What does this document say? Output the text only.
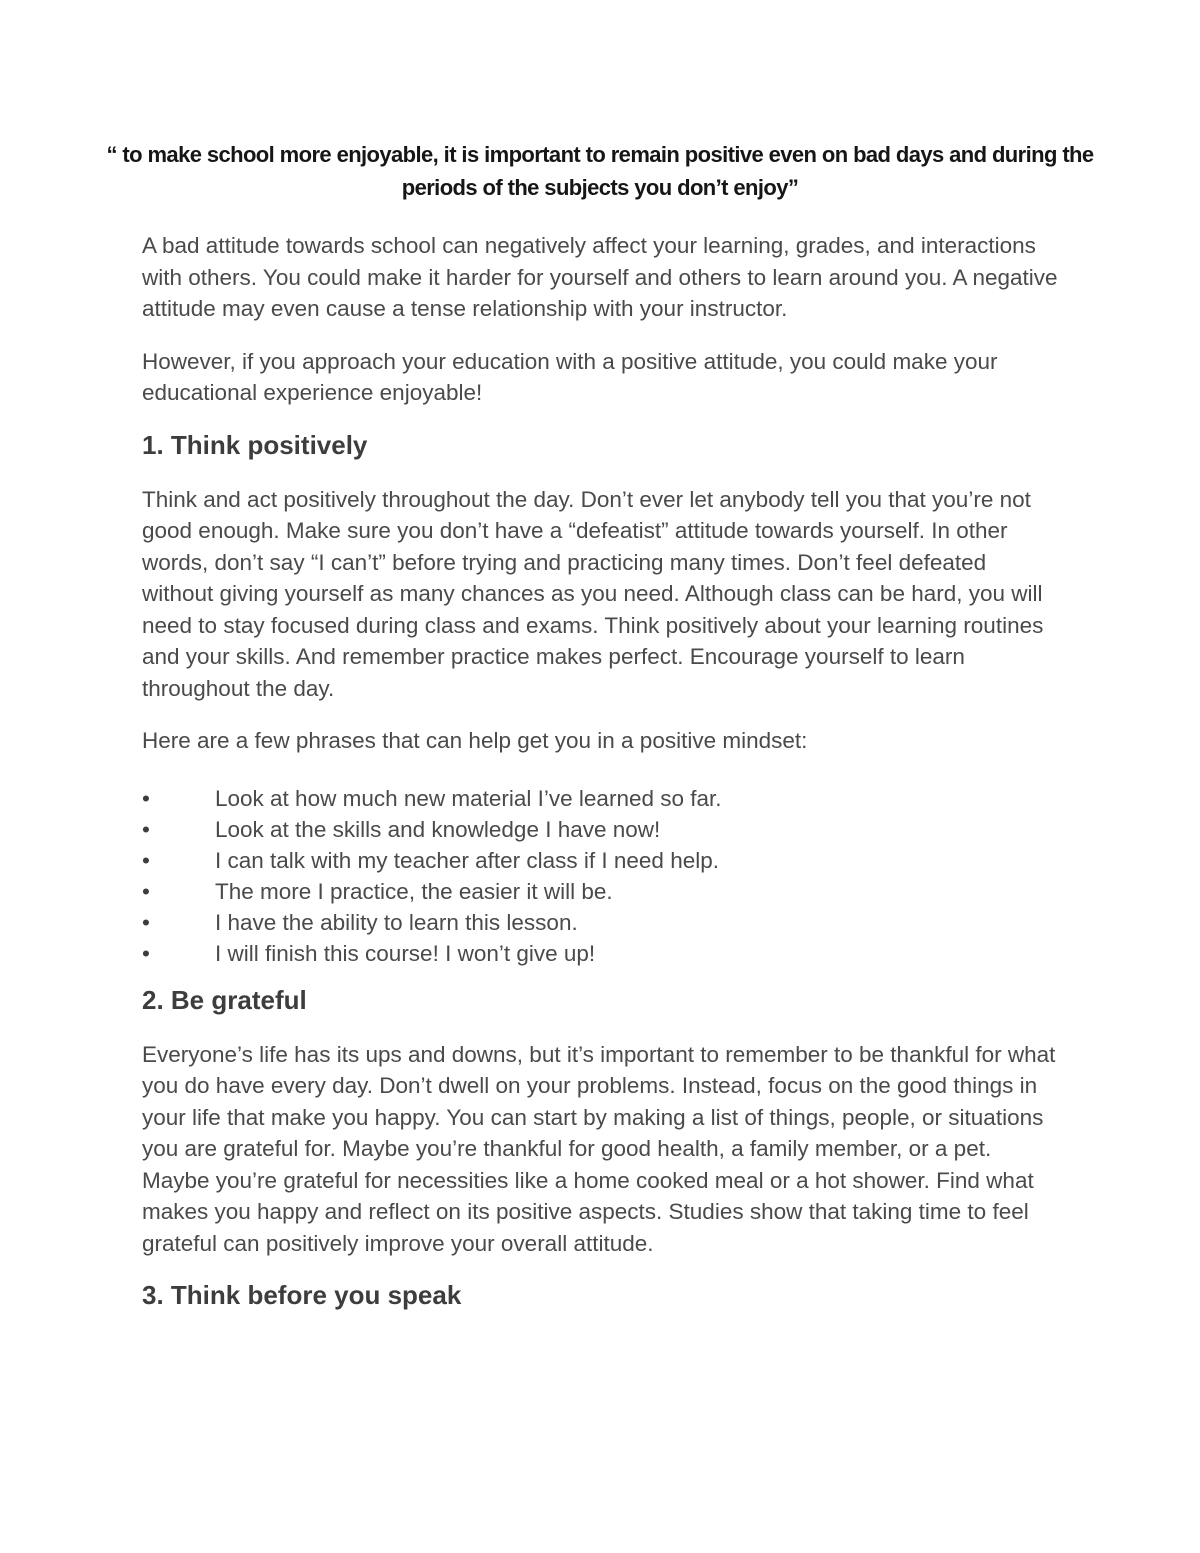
“ to make school more enjoyable, it is important to remain positive even on bad days and during the periods of the subjects you don’t enjoy”

A bad attitude towards school can negatively affect your learning, grades, and interactions with others. You could make it harder for yourself and others to learn around you. A negative attitude may even cause a tense relationship with your instructor.

However, if you approach your education with a positive attitude, you could make your educational experience enjoyable!

1. Think positively

Think and act positively throughout the day. Don’t ever let anybody tell you that you’re not good enough. Make sure you don’t have a “defeatist” attitude towards yourself. In other words, don’t say “I can’t” before trying and practicing many times. Don’t feel defeated without giving yourself as many chances as you need. Although class can be hard, you will need to stay focused during class and exams. Think positively about your learning routines and your skills. And remember practice makes perfect. Encourage yourself to learn throughout the day.

Here are a few phrases that can help get you in a positive mindset:

•	Look at how much new material I’ve learned so far.
•	Look at the skills and knowledge I have now!
•	I can talk with my teacher after class if I need help.
•	The more I practice, the easier it will be.
•	I have the ability to learn this lesson.
•	I will finish this course! I won’t give up!
2. Be grateful

Everyone’s life has its ups and downs, but it’s important to remember to be thankful for what you do have every day. Don’t dwell on your problems. Instead, focus on the good things in your life that make you happy. You can start by making a list of things, people, or situations you are grateful for. Maybe you’re thankful for good health, a family member, or a pet. Maybe you’re grateful for necessities like a home cooked meal or a hot shower. Find what makes you happy and reflect on its positive aspects. Studies show that taking time to feel grateful can positively improve your overall attitude.

3. Think before you speak
